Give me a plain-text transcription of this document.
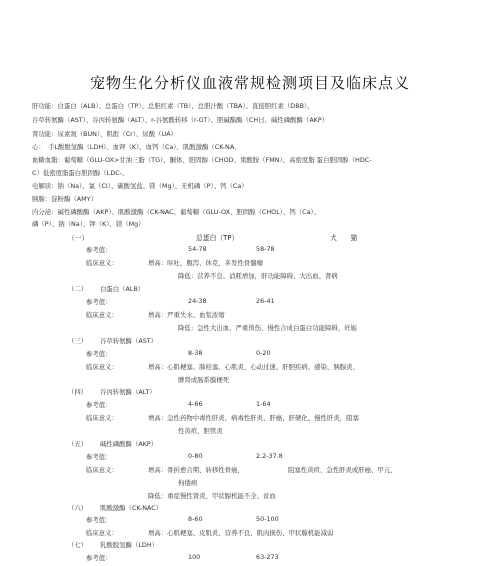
宠物生化分析仪血液常规检测项目及临床点义
肝功能：白蛋白（ALB）、总蛋白（TP）、总胆红素（TB）、总胆汁酸（TBA）、直接胆红素（DBB）、
谷草转氨酶（AST）、谷丙转氨酶（ALT）、r-谷氨酰转移（r-GT）、胆碱酯酶（CH日、碱性磷酸酶（AKP）
肾功能：尿素氮（BUN）、肌酊（Cr）、尿酸（UA）
心：　手L酸脱氢酶（LDH）、血钾（K）、血钙（Ca）、肌酸激酶（CK-NA、
血糖血脂：葡萄糖（GLU-OX>甘油三脂（TG）、酮体、胆固醇（CHOD、果酸胺（FMN）、高密度脂 蛋白胆固醇（HDC-
C）低密度脂蛋白胆固醇（LDC-、
电解质：钠（Na）、氯（Cl）、碳酸氢盐、镁（Mg）、无机磷（P）、钙（Ca）
胰腺：淀粉酶（AMY）
内分泌：碱性磷酸酶（AKP）、肌酸激酶（CK-NAC、葡萄糖（GLU-OX、胆固醇（CHOL）、钙（Ca）、
磷（P）、钠（Na）、钾（K）、镁（Mg）
（一）	总蛋白（TP）	犬　　猫
参考值：	54-78	58-78
临床意义：	增高：呕吐，腹泻、休克，多发性骨髓瘤
降低：营养不良、消耗增加，肝功能障碍、大出血、肾病
（二） 白蛋白（ALB）
参考值：	24-38	26-41
临床意义：	增高：严重失水、血浆浓缩
降低：急性大出血、严重烫伤、慢性合成白蛋白功能障碍、妊娠
（三） 谷草转氨酶（AST）
参考值：	8-38	0-20
临床意义：	增高：心肌梗塞、肺栓塞、心肌炎、心动过速、肝胆疾病、感染、胰腺炎、
脾肾或肠系膜梗死
（四） 谷丙转氨酶（ALT）
参考值：	4-66	1-64
临床意义：	增高：急性药物中毒性肝炎、病毒性肝炎、肝癌、肝硬化、慢性肝炎，阻塞
性黄疸、胆管炎
（五） 碱性磷酸酶（AKP）
参考值：	0-80	2.2-37.8
临床意义：	增高：骨折愈合期、转移性骨癌，	阻塞性黄疸、急性肝炎或肝癌、甲亢、
佝偻病
降低：重症慢性肾炎、甲状腺机能不全、贫血
（六） 肌酸激酶（CK-NAC）
参考值：	8-60	50-100
临床意义：	增高：心肌梗塞、皮肌炎、营养不良、肌肉损伤、甲状腺机能减弱
（七） 乳酸脱氢酶（LDH）
参考值：	100	63-273
